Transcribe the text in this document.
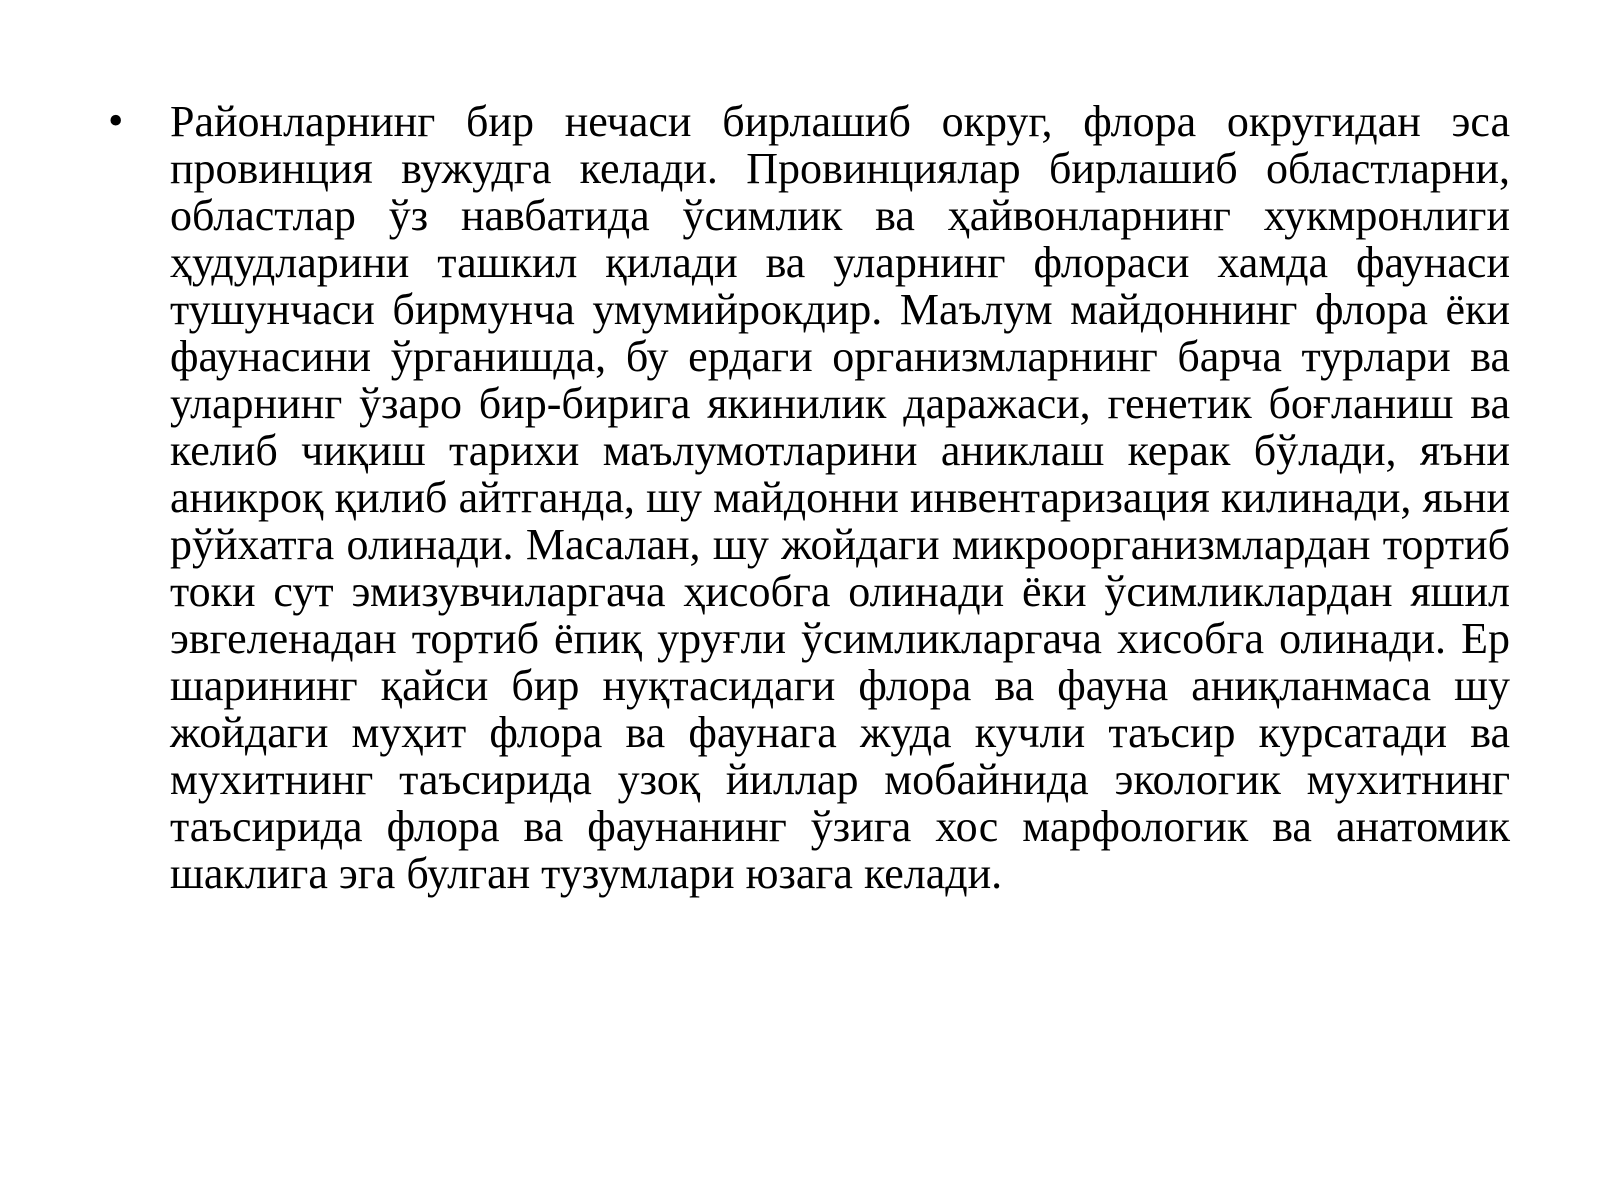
• Районларнинг бир нечаси бирлашиб округ, флора округидан эса провинция вужудга келади. Провинциялар бирлашиб областларни, областлар ўз навбатида ўсимлик ва ҳайвонларнинг хукмронлиги ҳудудларини ташкил қилади ва уларнинг флораси хамда фаунаси тушунчаси бирмунча умумийрокдир. Маълум майдоннинг флора ёки фаунасини ўрганишда, бу ердаги организмларнинг барча турлари ва уларнинг ўзаро бир-бирига якинилик даражаси, генетик боғланиш ва келиб чиқиш тарихи маълумотларини аниклаш керак бўлади, яъни аникроқ қилиб айтганда, шу майдонни инвентаризация килинади, яьни рўйхатга олинади. Масалан, шу жойдаги микроорганизмлардан тортиб токи сут эмизувчиларгача ҳисобга олинади ёки ўсимликлардан яшил эвгеленадан тортиб ёпиқ уруғли ўсимликларгача хисобга олинади. Ер шарининг қайси бир нуқтасидаги флора ва фауна аниқланмаса шу жойдаги муҳит флора ва фаунага жуда кучли таъсир курсатади ва мухитнинг таъсирида узоқ йиллар мобайнида экологик мухитнинг таъсирида флора ва фаунанинг ўзига хос марфологик ва анатомик шаклига эга булган тузумлари юзага келади.
